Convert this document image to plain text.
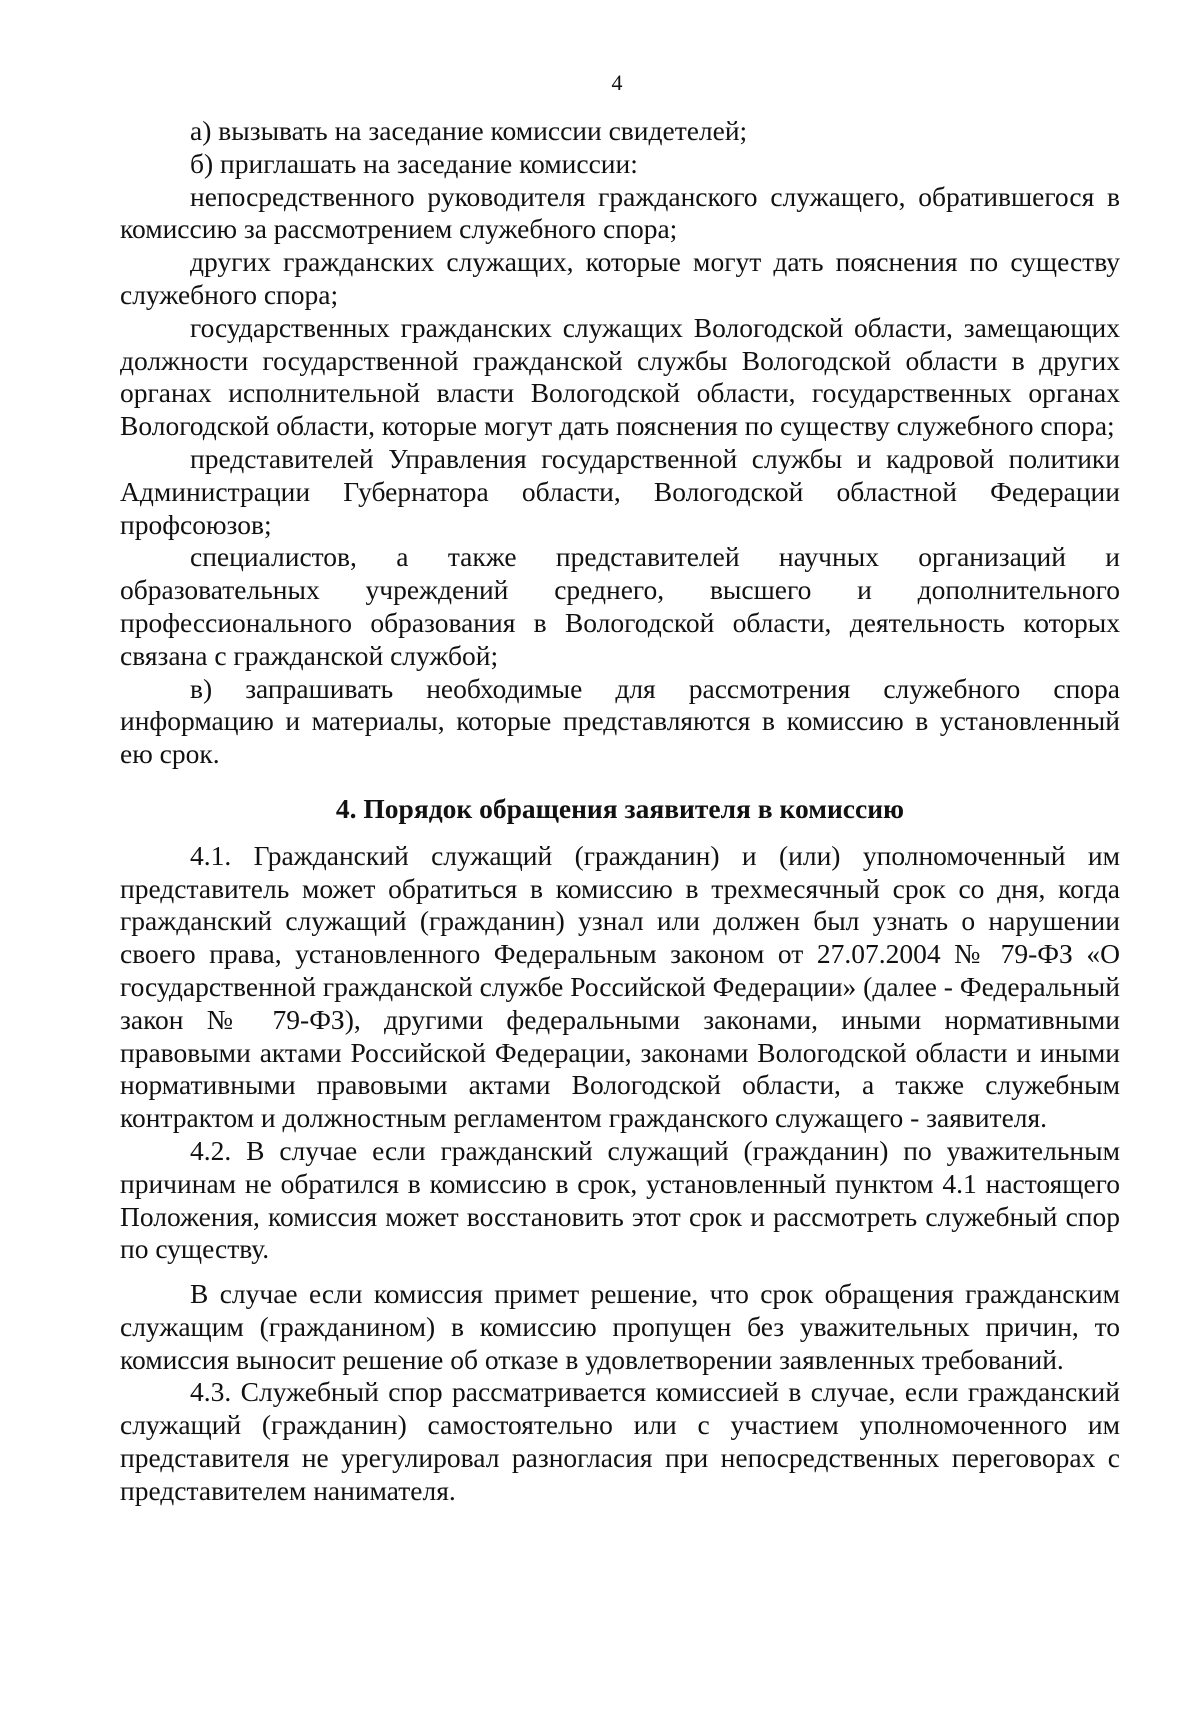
4

а) вызывать на заседание комиссии свидетелей;

б) приглашать на заседание комиссии:

непосредственного руководителя гражданского служащего, обратившегося в комиссию за рассмотрением служебного спора;

других гражданских служащих, которые могут дать пояснения по существу служебного спора;

государственных гражданских служащих Вологодской области, замещающих должности государственной гражданской службы Вологодской области в других органах исполнительной власти Вологодской области, государственных органах Вологодской области, которые могут дать пояснения по существу служебного спора;

представителей Управления государственной службы и кадровой политики Администрации Губернатора области, Вологодской областной Федерации профсоюзов;

специалистов, а также представителей научных организаций и образовательных учреждений среднего, высшего и дополнительного профессионального образования в Вологодской области, деятельность которых связана с гражданской службой;

в) запрашивать необходимые для рассмотрения служебного спора информацию и материалы, которые представляются в комиссию в установленный ею срок.

4. Порядок обращения заявителя в комиссию

4.1. Гражданский служащий (гражданин) и (или) уполномоченный им представитель может обратиться в комиссию в трехмесячный срок со дня, когда гражданский служащий (гражданин) узнал или должен был узнать о нарушении своего права, установленного Федеральным законом от 27.07.2004 № 79-ФЗ «О государственной гражданской службе Российской Федерации» (далее - Федеральный закон № 79-ФЗ), другими федеральными законами, иными нормативными правовыми актами Российской Федерации, законами Вологодской области и иными нормативными правовыми актами Вологодской области, а также служебным контрактом и должностным регламентом гражданского служащего - заявителя.

4.2. В случае если гражданский служащий (гражданин) по уважительным причинам не обратился в комиссию в срок, установленный пунктом 4.1 настоящего Положения, комиссия может восстановить этот срок и рассмотреть служебный спор по существу.

В случае если комиссия примет решение, что срок обращения гражданским служащим (гражданином) в комиссию пропущен без уважительных причин, то комиссия выносит решение об отказе в удовлетворении заявленных требований.

4.3. Служебный спор рассматривается комиссией в случае, если гражданский служащий (гражданин) самостоятельно или с участием уполномоченного им представителя не урегулировал разногласия при непосредственных переговорах с представителем нанимателя.
